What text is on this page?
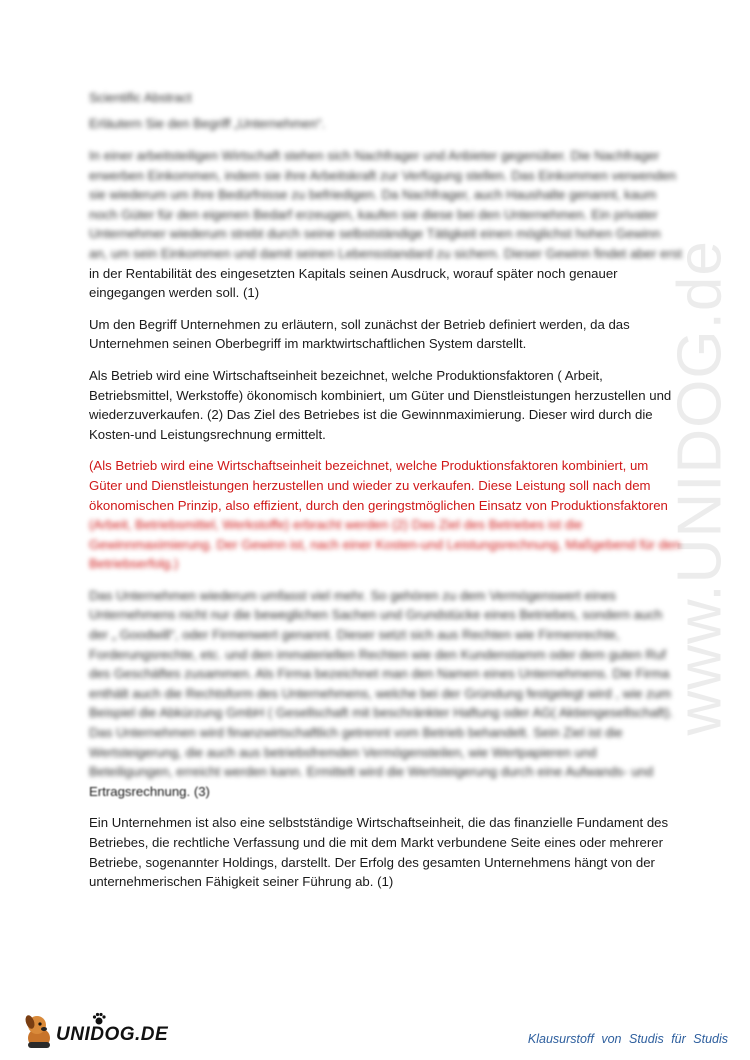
www.UNIDOG.de
Scientific Abstract
Erläutern Sie den Begriff „Unternehmen“.

In einer arbeitsteiligen Wirtschaft stehen sich Nachfrager und Anbieter gegenüber. Die Nachfrager
erwerben Einkommen, indem sie ihre Arbeitskraft zur Verfügung stellen. Das Einkommen verwenden
sie wiederum um ihre Bedürfnisse zu befriedigen. Da Nachfrager, auch Haushalte genannt, kaum
noch Güter für den eigenen Bedarf erzeugen, kaufen sie diese bei den Unternehmen. Ein privater
Unternehmer wiederum strebt durch seine selbstständige Tätigkeit einen möglichst hohen Gewinn
an, um sein Einkommen und damit seinen Lebensstandard zu sichern. Dieser Gewinn findet aber erst
in der Rentabilität des eingesetzten Kapitals seinen Ausdruck, worauf später noch genauer
eingegangen werden soll. (1)

Um den Begriff Unternehmen zu erläutern, soll zunächst der Betrieb definiert werden, da das
Unternehmen seinen Oberbegriff im marktwirtschaftlichen System darstellt.

Als Betrieb wird eine Wirtschaftseinheit bezeichnet, welche Produktionsfaktoren ( Arbeit,
Betriebsmittel, Werkstoffe) ökonomisch kombiniert, um Güter und Dienstleistungen herzustellen und
wiederzuverkaufen. (2) Das Ziel des Betriebes ist die Gewinnmaximierung. Dieser wird durch die
Kosten-und Leistungsrechnung ermittelt.

(Als Betrieb wird eine Wirtschaftseinheit bezeichnet, welche Produktionsfaktoren kombiniert, um
Güter und Dienstleistungen herzustellen und wieder zu verkaufen. Diese Leistung soll nach dem
ökonomischen Prinzip, also effizient, durch den geringstmöglichen Einsatz von Produktionsfaktoren
(Arbeit, Betriebsmittel, Werkstoffe) erbracht werden (2) Das Ziel des Betriebes ist die
Gewinnmaximierung. Der Gewinn ist, nach einer Kosten-und Leistungsrechnung, Maßgebend für den
Betriebserfolg.)

Das Unternehmen wiederum umfasst viel mehr. So gehören zu dem Vermögenswert eines
Unternehmens nicht nur die beweglichen Sachen und Grundstücke eines Betriebes, sondern auch
der „ Goodwill“, oder Firmenwert genannt. Dieser setzt sich aus Rechten wie Firmenrechte,
Forderungsrechte, etc. und den immateriellen Rechten wie den Kundenstamm oder dem guten Ruf
des Geschäftes zusammen. Als Firma bezeichnet man den Namen eines Unternehmens. Die Firma
enthält auch die Rechtsform des Unternehmens, welche bei der Gründung festgelegt wird , wie zum
Beispiel die Abkürzung GmbH ( Gesellschaft mit beschränkter Haftung oder AG( Aktiengesellschaft).
Das Unternehmen wird finanzwirtschaftlich getrennt vom Betrieb behandelt. Sein Ziel ist die
Wertsteigerung, die auch aus betriebsfremden Vermögensteilen, wie Wertpapieren und
Beteiligungen, erreicht werden kann. Ermittelt wird die Wertsteigerung durch eine Aufwands- und
Ertragsrechnung. (3)

Ein Unternehmen ist also eine selbstständige Wirtschaftseinheit, die das finanzielle Fundament des
Betriebes, die rechtliche Verfassung und die mit dem Markt verbundene Seite eines oder mehrerer
Betriebe, sogenannter Holdings, darstellt. Der Erfolg des gesamten Unternehmens hängt von der
unternehmerischen Fähigkeit seiner Führung ab. (1)

UNIDOG.DE	Klausurstoff von Studis für Studis
